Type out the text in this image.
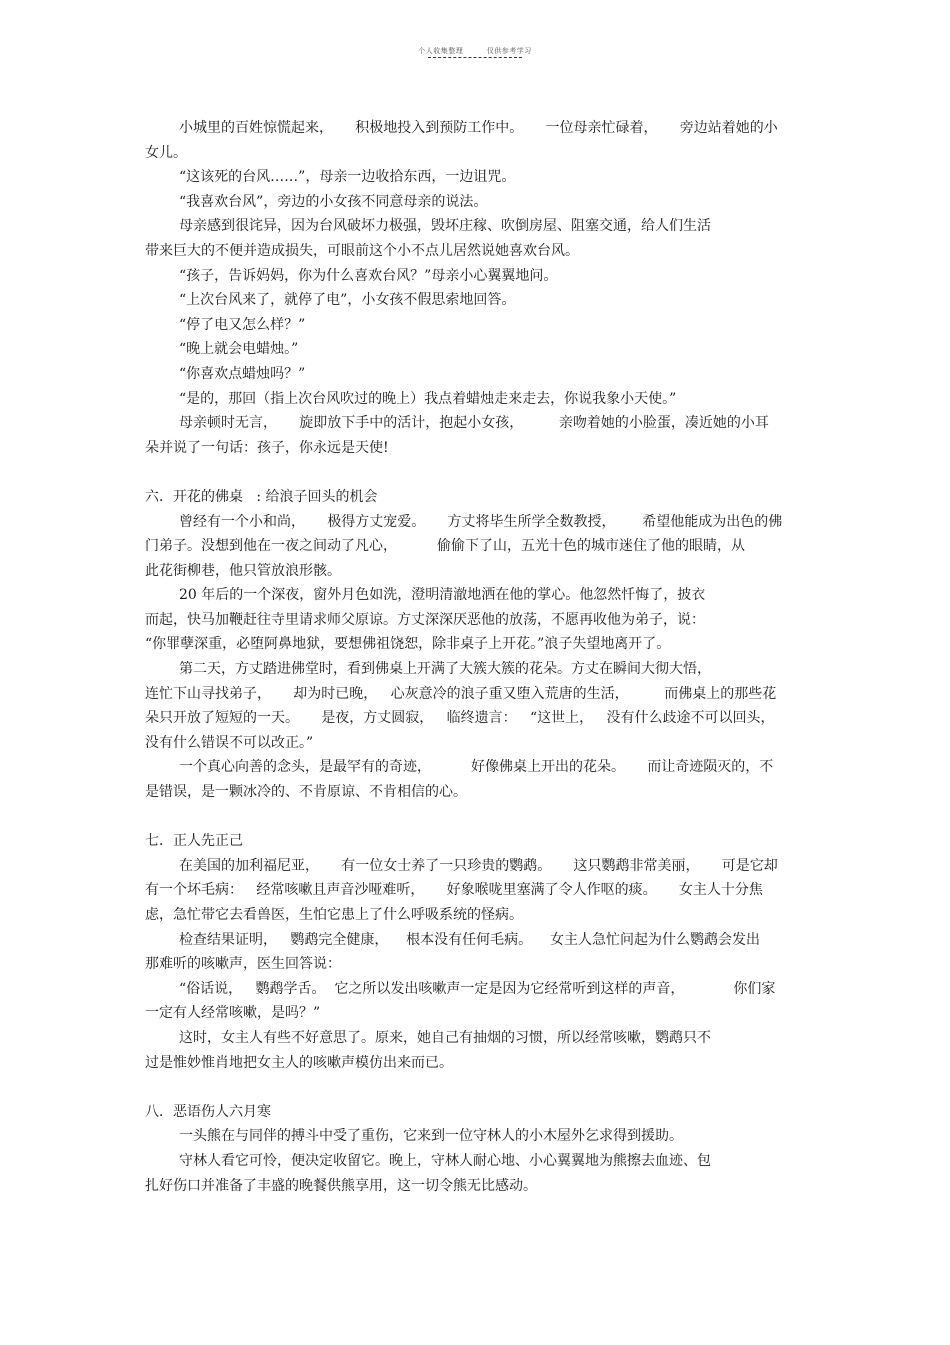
个人收集整理	仅供参考学习
小城里的百姓惊慌起来，     积极地投入到预防工作中。     一位母亲忙碌着，     旁边站着她的小
女儿。
“这该死的台风……”，母亲一边收拾东西，一边诅咒。
“我喜欢台风”，旁边的小女孩不同意母亲的说法。
母亲感到很诧异，因为台风破坏力极强，毁坏庄稼、吹倒房屋、阻塞交通，给人们生活
带来巨大的不便并造成损失，可眼前这个小不点儿居然说她喜欢台风。
“孩子，告诉妈妈，你为什么喜欢台风？”母亲小心翼翼地问。
“上次台风来了，就停了电”，小女孩不假思索地回答。
“停了电又怎么样？”
“晚上就会电蜡烛。”
“你喜欢点蜡烛吗？”
“是的，那回（指上次台风吹过的晚上）我点着蜡烛走来走去，你说我象小天使。”
母亲顿时无言，     旋即放下手中的活计，抱起小女孩，        亲吻着她的小脸蛋，凑近她的小耳
朵并说了一句话：孩子，你永远是天使!
六．开花的佛桌   : 给浪子回头的机会
曾经有一个小和尚，     极得方丈宠爱。     方丈将毕生所学全数教授，      希望他能成为出色的佛
门弟子。没想到他在一夜之间动了凡心，         偷偷下了山，五光十色的城市迷住了他的眼睛，从
此花街柳巷，他只管放浪形骸。
20 年后的一个深夜，窗外月色如洗，澄明清澈地洒在他的掌心。他忽然忏悔了，披衣
而起，快马加鞭赶往寺里请求师父原谅。方丈深深厌恶他的放荡，不愿再收他为弟子，说：
“你罪孽深重，必堕阿鼻地狱，要想佛祖饶恕，除非桌子上开花。”浪子失望地离开了。
第二天，方丈踏进佛堂时，看到佛桌上开满了大簇大簇的花朵。方丈在瞬间大彻大悟，
连忙下山寻找弟子，     却为时已晚，   心灰意冷的浪子重又堕入荒唐的生活，        而佛桌上的那些花
朵只开放了短短的一天。     是夜，方丈圆寂，   临终遗言：   “这世上，   没有什么歧途不可以回头，
没有什么错误不可以改正。”
一个真心向善的念头，是最罕有的奇迹，         好像佛桌上开出的花朵。     而让奇迹陨灭的，不
是错误，是一颗冰冷的、不肯原谅、不肯相信的心。
七．正人先正己
在美国的加利福尼亚，     有一位女士养了一只珍贵的鹦鹉。     这只鹦鹉非常美丽，     可是它却
有一个坏毛病：   经常咳嗽且声音沙哑难听，     好象喉咙里塞满了令人作呕的痰。     女主人十分焦
虑，急忙带它去看兽医，生怕它患上了什么呼吸系统的怪病。
检查结果证明，   鹦鹉完全健康，    根本没有任何毛病。    女主人急忙问起为什么鹦鹉会发出
那难听的咳嗽声，医生回答说：
“俗话说，   鹦鹉学舌。  它之所以发出咳嗽声一定是因为它经常听到这样的声音，           你们家
一定有人经常咳嗽，是吗？”
这时，女主人有些不好意思了。原来，她自己有抽烟的习惯，所以经常咳嗽，鹦鹉只不
过是惟妙惟肖地把女主人的咳嗽声模仿出来而已。
八．恶语伤人六月寒
一头熊在与同伴的搏斗中受了重伤，它来到一位守林人的小木屋外乞求得到援助。
守林人看它可怜，便决定收留它。晚上，守林人耐心地、小心翼翼地为熊擦去血迹、包
扎好伤口并准备了丰盛的晚餐供熊享用，这一切令熊无比感动。
